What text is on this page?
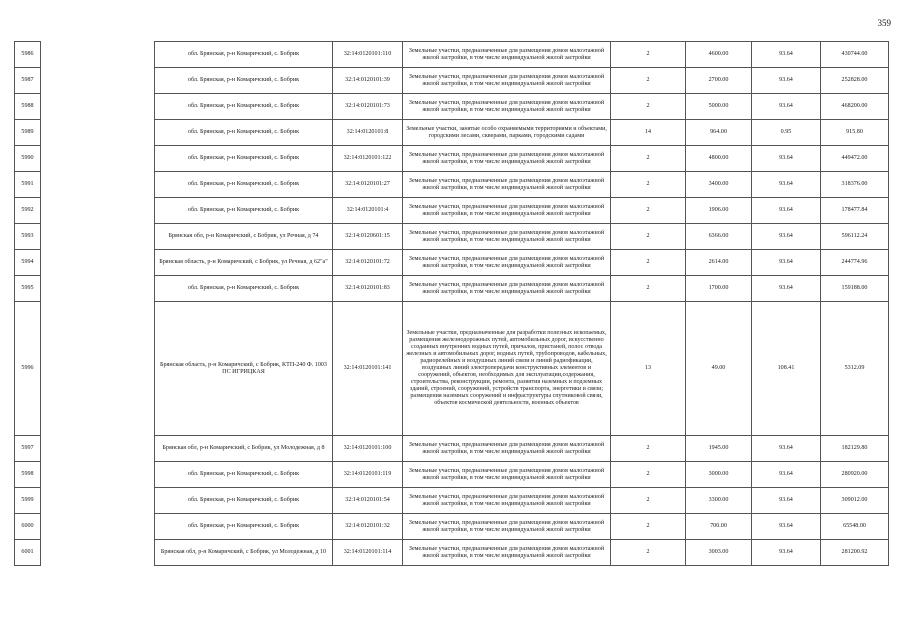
359
5986		обл. Брянская, р-н Комаричский, с. Бобрик	32:14:0120101:110	Земельные участки, предназначенные для размещения домов малоэтажной жилой застройки, в том числе индивидуальной жилой застройки	2	4600.00	93.64	430744.00
5987		обл. Брянская, р-н Комаричский, с. Бобрик	32:14:0120101:39	Земельные участки, предназначенные для размещения домов малоэтажной жилой застройки, в том числе индивидуальной жилой застройки	2	2700.00	93.64	252828.00
5988		обл. Брянская, р-н Комаричский, с. Бобрик	32:14:0120101:73	Земельные участки, предназначенные для размещения домов малоэтажной жилой застройки, в том числе индивидуальной жилой застройки	2	5000.00	93.64	468200.00
5989		обл. Брянская, р-н Комаричский, с. Бобрик	32:14:0120101:8	Земельные участки, занятые особо охраняемыми территориями и объектами, городскими лесами, скверами, парками, городскими садами	14	964.00	0.95	915.80
5990		обл. Брянская, р-н Комаричский, с. Бобрик	32:14:0120101:122	Земельные участки, предназначенные для размещения домов малоэтажной жилой застройки, в том числе индивидуальной жилой застройки	2	4800.00	93.64	449472.00
5991		обл. Брянская, р-н Комаричский, с. Бобрик	32:14:0120101:27	Земельные участки, предназначенные для размещения домов малоэтажной жилой застройки, в том числе индивидуальной жилой застройки	2	3400.00	93.64	318376.00
5992		обл. Брянская, р-н Комаричский, с. Бобрик	32:14:0120101:4	Земельные участки, предназначенные для размещения домов малоэтажной жилой застройки, в том числе индивидуальной жилой застройки	2	1906.00	93.64	178477.84
5993		Брянская обл, р-н Комаричский, с Бобрик, ул Речная, д 74	32:14:0120601:15	Земельные участки, предназначенные для размещения домов малоэтажной жилой застройки, в том числе индивидуальной жилой застройки	2	6366.00	93.64	596112.24
5994		Брянская область, р-н Комаричский, с Бобрик, ул Речная, д 62"а"	32:14:0120101:72	Земельные участки, предназначенные для размещения домов малоэтажной жилой застройки, в том числе индивидуальной жилой застройки	2	2614.00	93.64	244774.96
5995		обл. Брянская, р-н Комаричский, с. Бобрик	32:14:0120101:83	Земельные участки, предназначенные для размещения домов малоэтажной жилой застройки, в том числе индивидуальной жилой застройки	2	1700.00	93.64	159188.00
5996		Брянская область, р-н Комаричский, с Бобрик, КТП-240 Ф. 1003 ПС ИГРИЦКАЯ	32:14:0120101:141	Земельные участки, предназначенные для разработки полезных ископаемых, размещения железнодорожных путей, автомобильных дорог, искусственно созданных внутренних водных путей, причалов, пристаней, полос отвода железных и автомобильных дорог, водных путей, трубопроводов, кабельных, радиорелейных и воздушных линий связи и линий радиофикации, воздушных линий электропередачи конструктивных элементов и сооружений, объектов, необходимых для эксплуатации,содержания, строительства, реконструкции, ремонта, развития наземных и подземных зданий, строений, сооружений, устройств транспорта, энергетики и связи; размещения наземных сооружений и инфраструктуры спутниковой связи, объектов космической деятельности, военных объектов	13	49.00	108.41	5312.09
5997		Брянская обл, р-н Комаричский, с Бобрик, ул Молодежная, д 8	32:14:0120101:100	Земельные участки, предназначенные для размещения домов малоэтажной жилой застройки, в том числе индивидуальной жилой застройки	2	1945.00	93.64	182129.80
5998		обл. Брянская, р-н Комаричский, с. Бобрик	32:14:0120101:119	Земельные участки, предназначенные для размещения домов малоэтажной жилой застройки, в том числе индивидуальной жилой застройки	2	3000.00	93.64	280920.00
5999		обл. Брянская, р-н Комаричский, с. Бобрик	32:14:0120101:54	Земельные участки, предназначенные для размещения домов малоэтажной жилой застройки, в том числе индивидуальной жилой застройки	2	3300.00	93.64	309012.00
6000		обл. Брянская, р-н Комаричский, с. Бобрик	32:14:0120101:32	Земельные участки, предназначенные для размещения домов малоэтажной жилой застройки, в том числе индивидуальной жилой застройки	2	700.00	93.64	65548.00
6001		Брянская обл, р-н Комаричский, с Бобрик, ул Молодежная, д 10	32:14:0120101:114	Земельные участки, предназначенные для размещения домов малоэтажной жилой застройки, в том числе индивидуальной жилой застройки	2	3003.00	93.64	281200.92
